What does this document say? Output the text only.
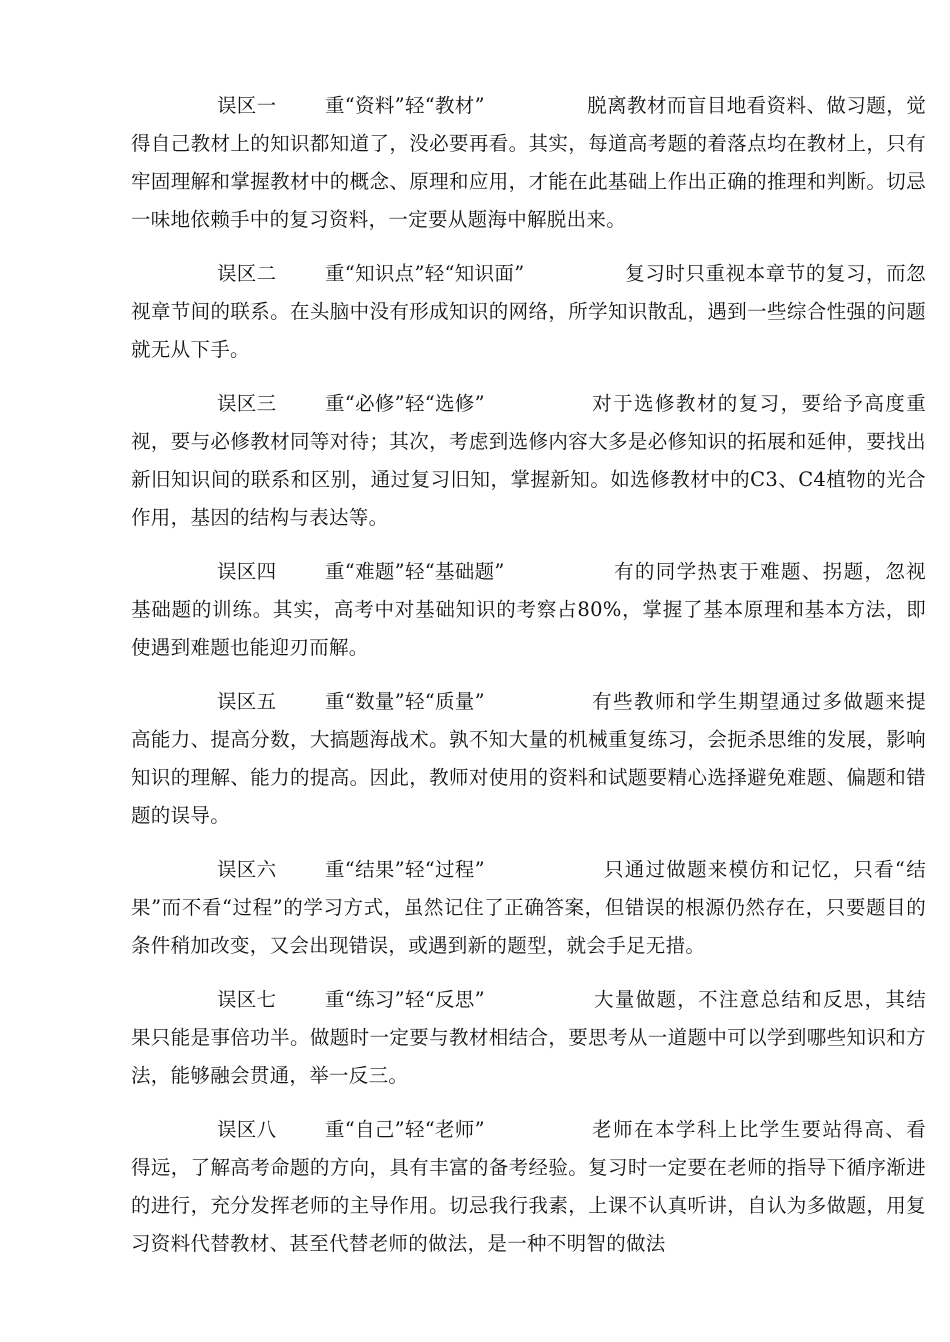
误区一 重“资料”轻“教材”	脱离教材而盲目地看资料、做习题，觉得自己教材上的知识都知道了，没必要再看。其实，每道高考题的着落点均在教材上，只有牢固理解和掌握教材中的概念、原理和应用，才能在此基础上作出正确的推理和判断。切忌一味地依赖手中的复习资料，一定要从题海中解脱出来。

误区二 重“知识点”轻“知识面”	复习时只重视本章节的复习，而忽视章节间的联系。在头脑中没有形成知识的网络，所学知识散乱，遇到一些综合性强的问题就无从下手。

误区三 重“必修”轻“选修”	对于选修教材的复习，要给予高度重视，要与必修教材同等对待；其次，考虑到选修内容大多是必修知识的拓展和延伸，要找出新旧知识间的联系和区别，通过复习旧知，掌握新知。如选修教材中的C3、C4植物的光合作用，基因的结构与表达等。

误区四 重“难题”轻“基础题”	有的同学热衷于难题、拐题，忽视基础题的训练。其实，高考中对基础知识的考察占80%，掌握了基本原理和基本方法，即使遇到难题也能迎刃而解。

误区五 重“数量”轻“质量”	有些教师和学生期望通过多做题来提高能力、提高分数，大搞题海战术。孰不知大量的机械重复练习，会扼杀思维的发展，影响知识的理解、能力的提高。因此，教师对使用的资料和试题要精心选择避免难题、偏题和错题的误导。

误区六 重“结果”轻“过程”	只通过做题来模仿和记忆，只看“结果”而不看“过程”的学习方式，虽然记住了正确答案，但错误的根源仍然存在，只要题目的条件稍加改变，又会出现错误，或遇到新的题型，就会手足无措。

误区七 重“练习”轻“反思”	大量做题，不注意总结和反思，其结果只能是事倍功半。做题时一定要与教材相结合，要思考从一道题中可以学到哪些知识和方法，能够融会贯通，举一反三。

误区八 重“自己”轻“老师”	老师在本学科上比学生要站得高、看得远，了解高考命题的方向，具有丰富的备考经验。复习时一定要在老师的指导下循序渐进的进行，充分发挥老师的主导作用。切忌我行我素，上课不认真听讲，自认为多做题，用复习资料代替教材、甚至代替老师的做法，是一种不明智的做法
